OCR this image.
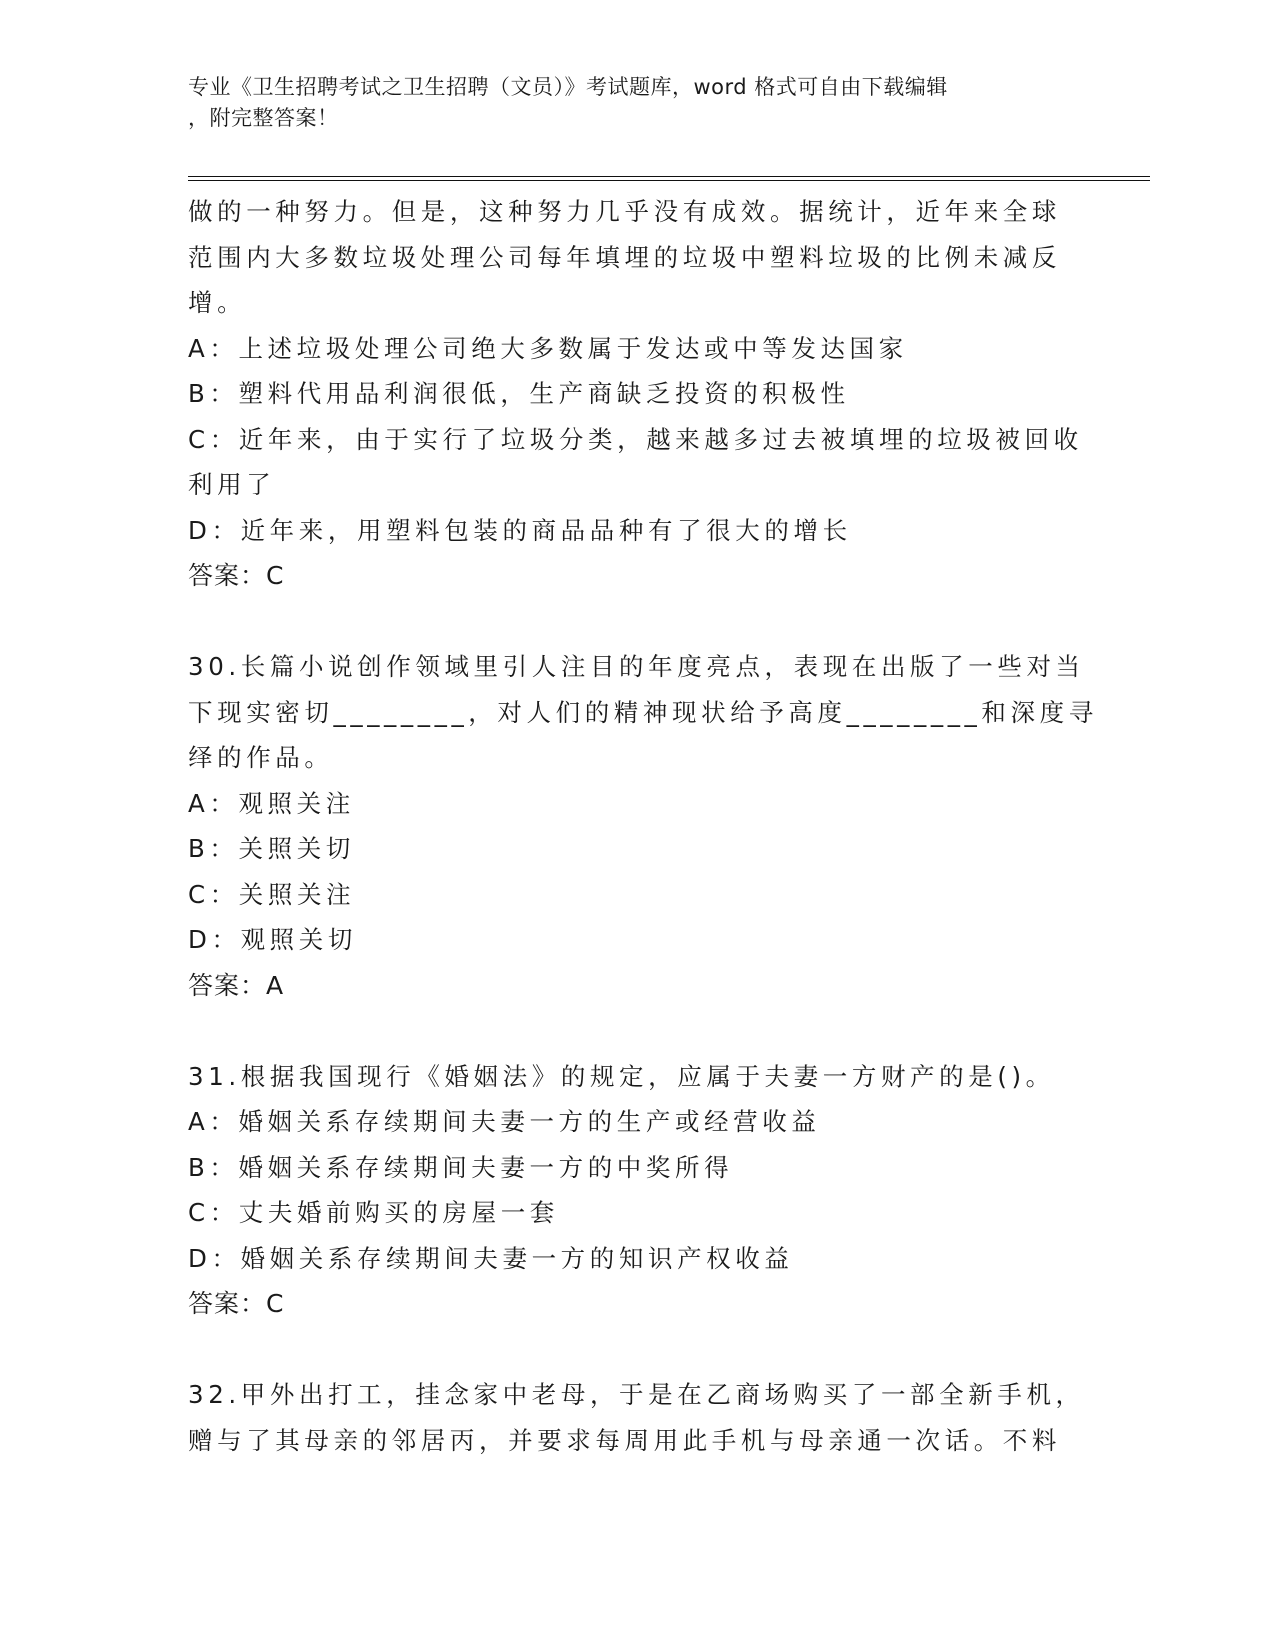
专业《卫生招聘考试之卫生招聘（文员）》考试题库，word 格式可自由下载编辑
，附完整答案！
做的一种努力。但是，这种努力几乎没有成效。据统计，近年来全球
范围内大多数垃圾处理公司每年填埋的垃圾中塑料垃圾的比例未减反
增。
A：上述垃圾处理公司绝大多数属于发达或中等发达国家
B：塑料代用品利润很低，生产商缺乏投资的积极性
C：近年来，由于实行了垃圾分类，越来越多过去被填埋的垃圾被回收
利用了
D：近年来，用塑料包装的商品品种有了很大的增长
答案：C
30.长篇小说创作领域里引人注目的年度亮点，表现在出版了一些对当
下现实密切________，对人们的精神现状给予高度________和深度寻
绎的作品。
A：观照关注
B：关照关切
C：关照关注
D：观照关切
答案：A
31.根据我国现行《婚姻法》的规定，应属于夫妻一方财产的是()。
A：婚姻关系存续期间夫妻一方的生产或经营收益
B：婚姻关系存续期间夫妻一方的中奖所得
C：丈夫婚前购买的房屋一套
D：婚姻关系存续期间夫妻一方的知识产权收益
答案：C
32.甲外出打工，挂念家中老母，于是在乙商场购买了一部全新手机，
赠与了其母亲的邻居丙，并要求每周用此手机与母亲通一次话。不料
